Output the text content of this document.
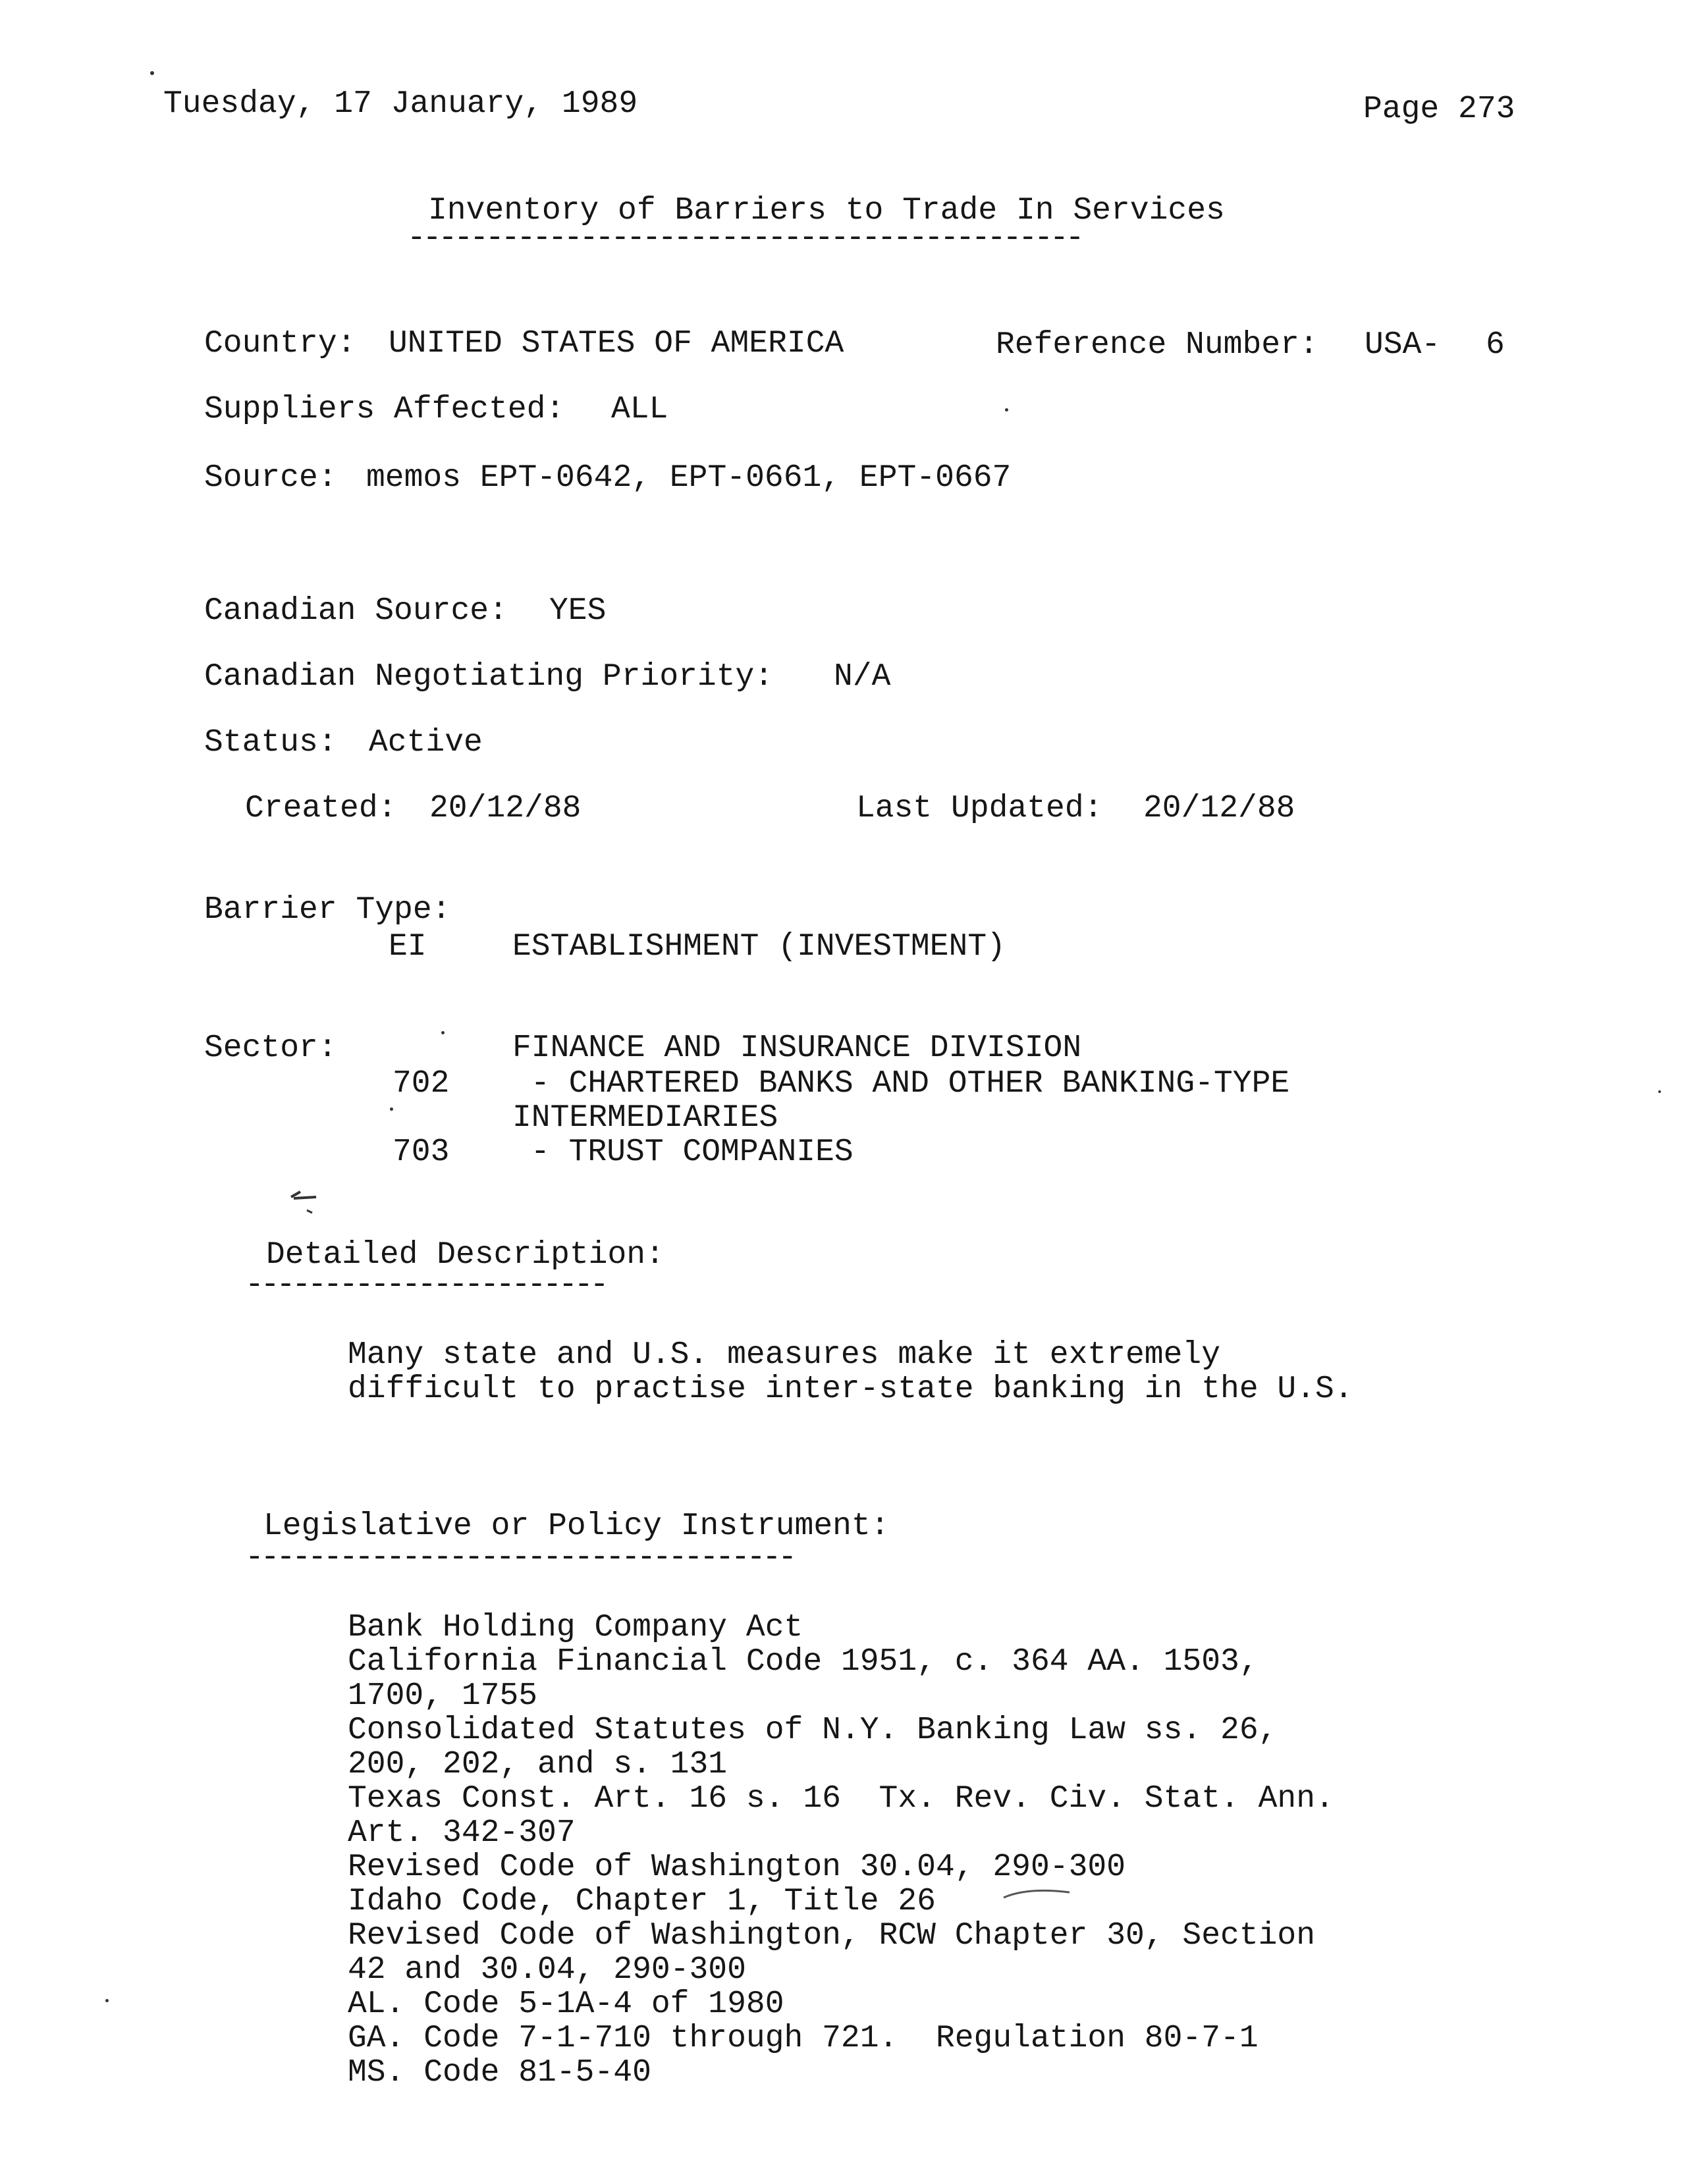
Tuesday, 17 January, 1989	Page 273
Inventory of Barriers to Trade In Services
-------------------------------------------
Country: UNITED STATES OF AMERICA	Reference Number: USA- 6
Suppliers Affected: ALL
Source: memos EPT-0642, EPT-0661, EPT-0667
Canadian Source: YES
Canadian Negotiating Priority: N/A
Status: Active
Created: 20/12/88	Last Updated: 20/12/88
Barrier Type:
EI	ESTABLISHMENT (INVESTMENT)
Sector:	FINANCE AND INSURANCE DIVISION
702	- CHARTERED BANKS AND OTHER BANKING-TYPE
INTERMEDIARIES
703	- TRUST COMPANIES
Detailed Description:
-----------------------
Many state and U.S. measures make it extremely
difficult to practise inter-state banking in the U.S.
Legislative or Policy Instrument:
-----------------------------------
Bank Holding Company Act
California Financial Code 1951, c. 364 AA. 1503,
1700, 1755
Consolidated Statutes of N.Y. Banking Law ss. 26,
200, 202, and s. 131
Texas Const. Art. 16 s. 16  Tx. Rev. Civ. Stat. Ann.
Art. 342-307
Revised Code of Washington 30.04, 290-300
Idaho Code, Chapter 1, Title 26
Revised Code of Washington, RCW Chapter 30, Section
42 and 30.04, 290-300
AL. Code 5-1A-4 of 1980
GA. Code 7-1-710 through 721.  Regulation 80-7-1
MS. Code 81-5-40
